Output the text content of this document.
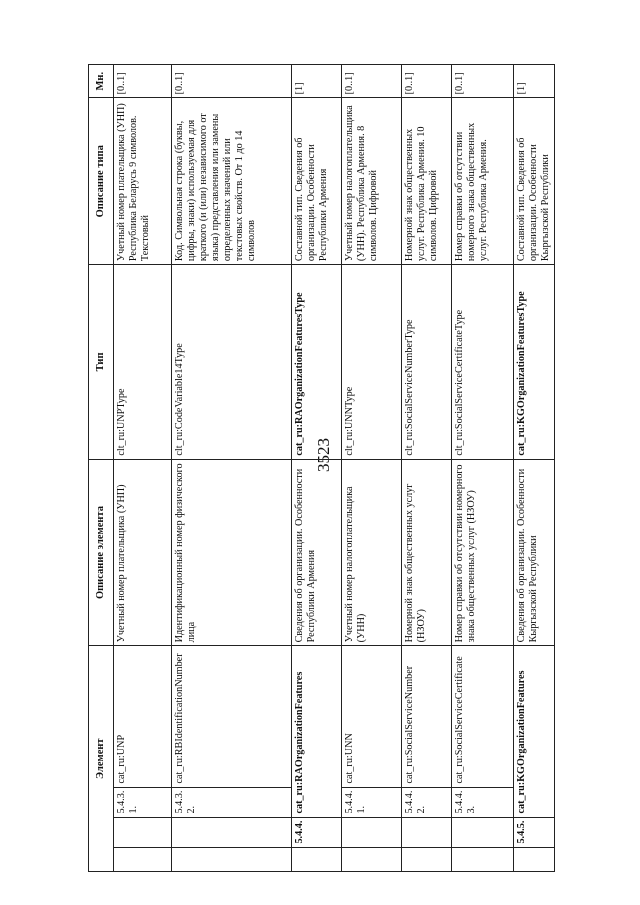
3523
Элемент				Описание элемента	Тип	Описание типа	Мн.
		5.4.3.1.	cat_ru:UNP	Учетный номер плательщика (УНП)	clt_ru:UNPType	Учетный номер плательщика (УНП) Республика Беларусь 9 символов. Текстовый	[0..1]
		5.4.3.2.	cat_ru:RBIdentificationNumber	Идентификационный номер физического лица	clt_ru:CodeVariable14Type	Код. Символьная строка (буквы, цифры, знаки) используемая для краткого (и (или) независимого от языка) представления или замены определенных значений или текстовых свойств. От 1 до 14 символов	[0..1]
	5.4.4.	cat_ru:RAOrganizationFeatures		Сведения об организации. Особенности Республики Армения	cat_ru:RAOrganizationFeaturesType	Составной тип. Сведения об организации. Особенности Республики Армения	[1]
		5.4.4.1.	cat_ru:UNN	Учетный номер налогоплательщика (УНН)	clt_ru:UNNType	Учетный номер налогоплательщика (УНН). Республика Армения. 8 символов. Цифровой	[0..1]
		5.4.4.2.	cat_ru:SocialServiceNumber	Номерной знак общественных услуг (НЗОУ)	clt_ru:SocialServiceNumberType	Номерной знак общественных услуг. Республика Армения. 10 символов. Цифровой	[0..1]
		5.4.4.3.	cat_ru:SocialServiceCertificate	Номер справки об отсутствии номерного знака общественных услуг (НЗОУ)	clt_ru:SocialServiceCertificateType	Номер справки об отсутствии номерного знака общественных услуг. Республика Армения.	[0..1]
	5.4.5.	cat_ru:KGOrganizationFeatures		Сведения об организации. Особенности Кыргызской Республики	cat_ru:KGOrganizationFeaturesType	Составной тип. Сведения об организации. Особенности Кыргызской Республики	[1]
